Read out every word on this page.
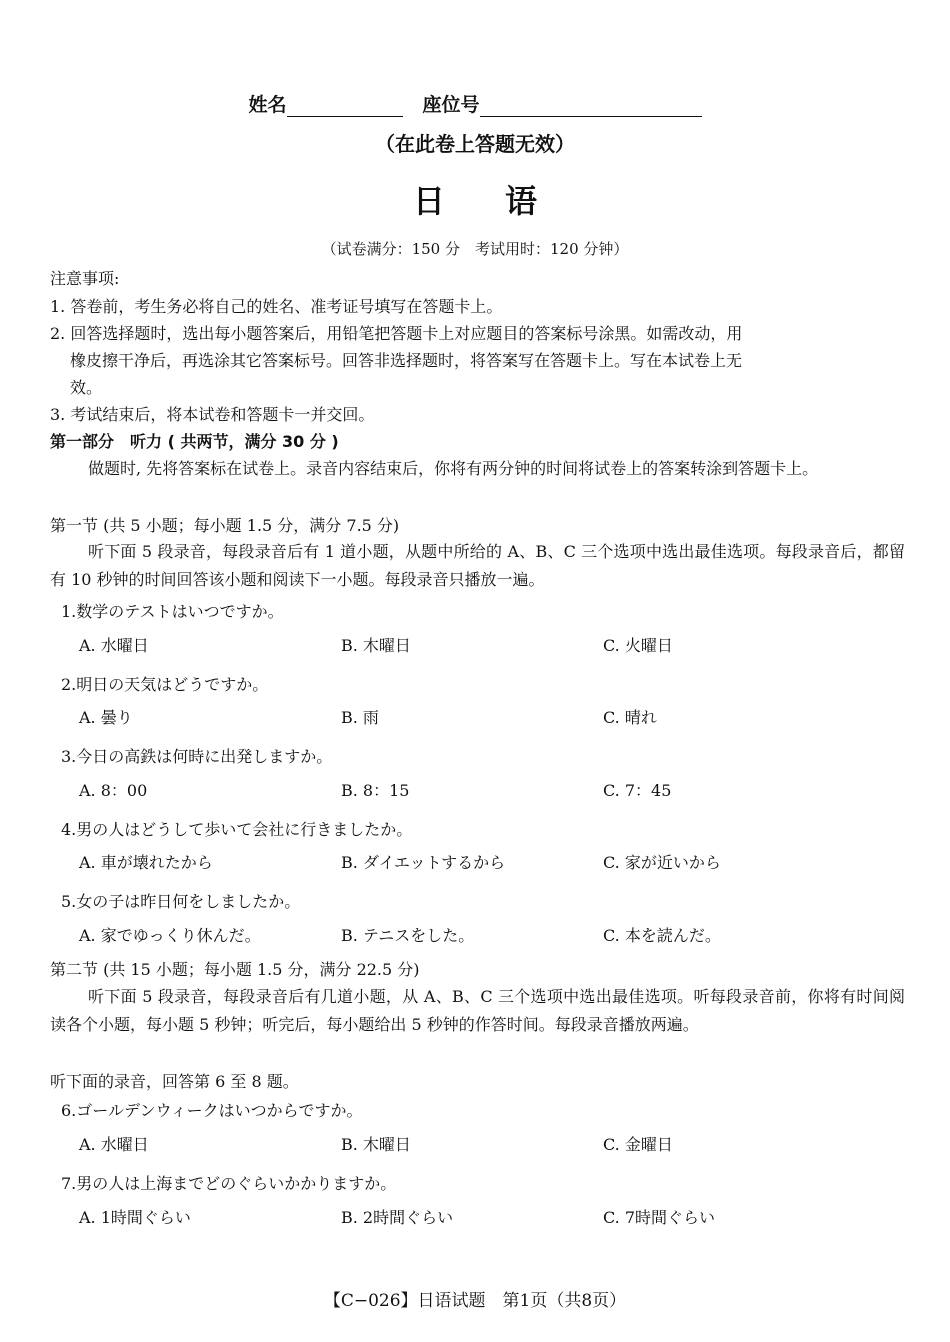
姓名	座位号
（在此卷上答题无效）
日语
（试卷满分：150 分　考试用时：120 分钟）
注意事项:
1. 答卷前，考生务必将自己的姓名、准考证号填写在答题卡上。
2. 回答选择题时，选出每小题答案后，用铅笔把答题卡上对应题目的答案标号涂黑。如需改动，用
橡皮擦干净后，再选涂其它答案标号。回答非选择题时，将答案写在答题卡上。写在本试卷上无
效。
3. 考试结束后，将本试卷和答题卡一并交回。
第一部分　听力 ( 共两节，满分 30 分 )
做题时, 先将答案标在试卷上。录音内容结束后，你将有两分钟的时间将试卷上的答案转涂到答题卡上。
第一节 (共 5 小题；每小题 1.5 分，满分 7.5 分)
听下面 5 段录音，每段录音后有 1 道小题，从题中所给的 A、B、C 三个选项中选出最佳选项。每段录音后，都留有 10 秒钟的时间回答该小题和阅读下一小题。每段录音只播放一遍。
1.数学のテストはいつですか。
A. 水曜日	B. 木曜日	C. 火曜日
2.明日の天気はどうですか。
A. 曇り	B. 雨	C. 晴れ
3.今日の高鉄は何時に出発しますか。
A. 8：00	B. 8：15	C. 7：45
4.男の人はどうして歩いて会社に行きましたか。
A. 車が壊れたから	B. ダイエットするから	C. 家が近いから
5.女の子は昨日何をしましたか。
A. 家でゆっくり休んだ。	B. テニスをした。	C. 本を読んだ。
第二节 (共 15 小题；每小题 1.5 分，满分 22.5 分)
听下面 5 段录音，每段录音后有几道小题，从 A、B、C 三个选项中选出最佳选项。听每段录音前，你将有时间阅读各个小题，每小题 5 秒钟；听完后，每小题给出 5 秒钟的作答时间。每段录音播放两遍。
听下面的录音，回答第 6 至 8 题。
6.ゴールデンウィークはいつからですか。
A. 水曜日	B. 木曜日	C. 金曜日
7.男の人は上海までどのぐらいかかりますか。
A. 1時間ぐらい	B. 2時間ぐらい	C. 7時間ぐらい
【C−026】日语试题　第1页（共8页）
